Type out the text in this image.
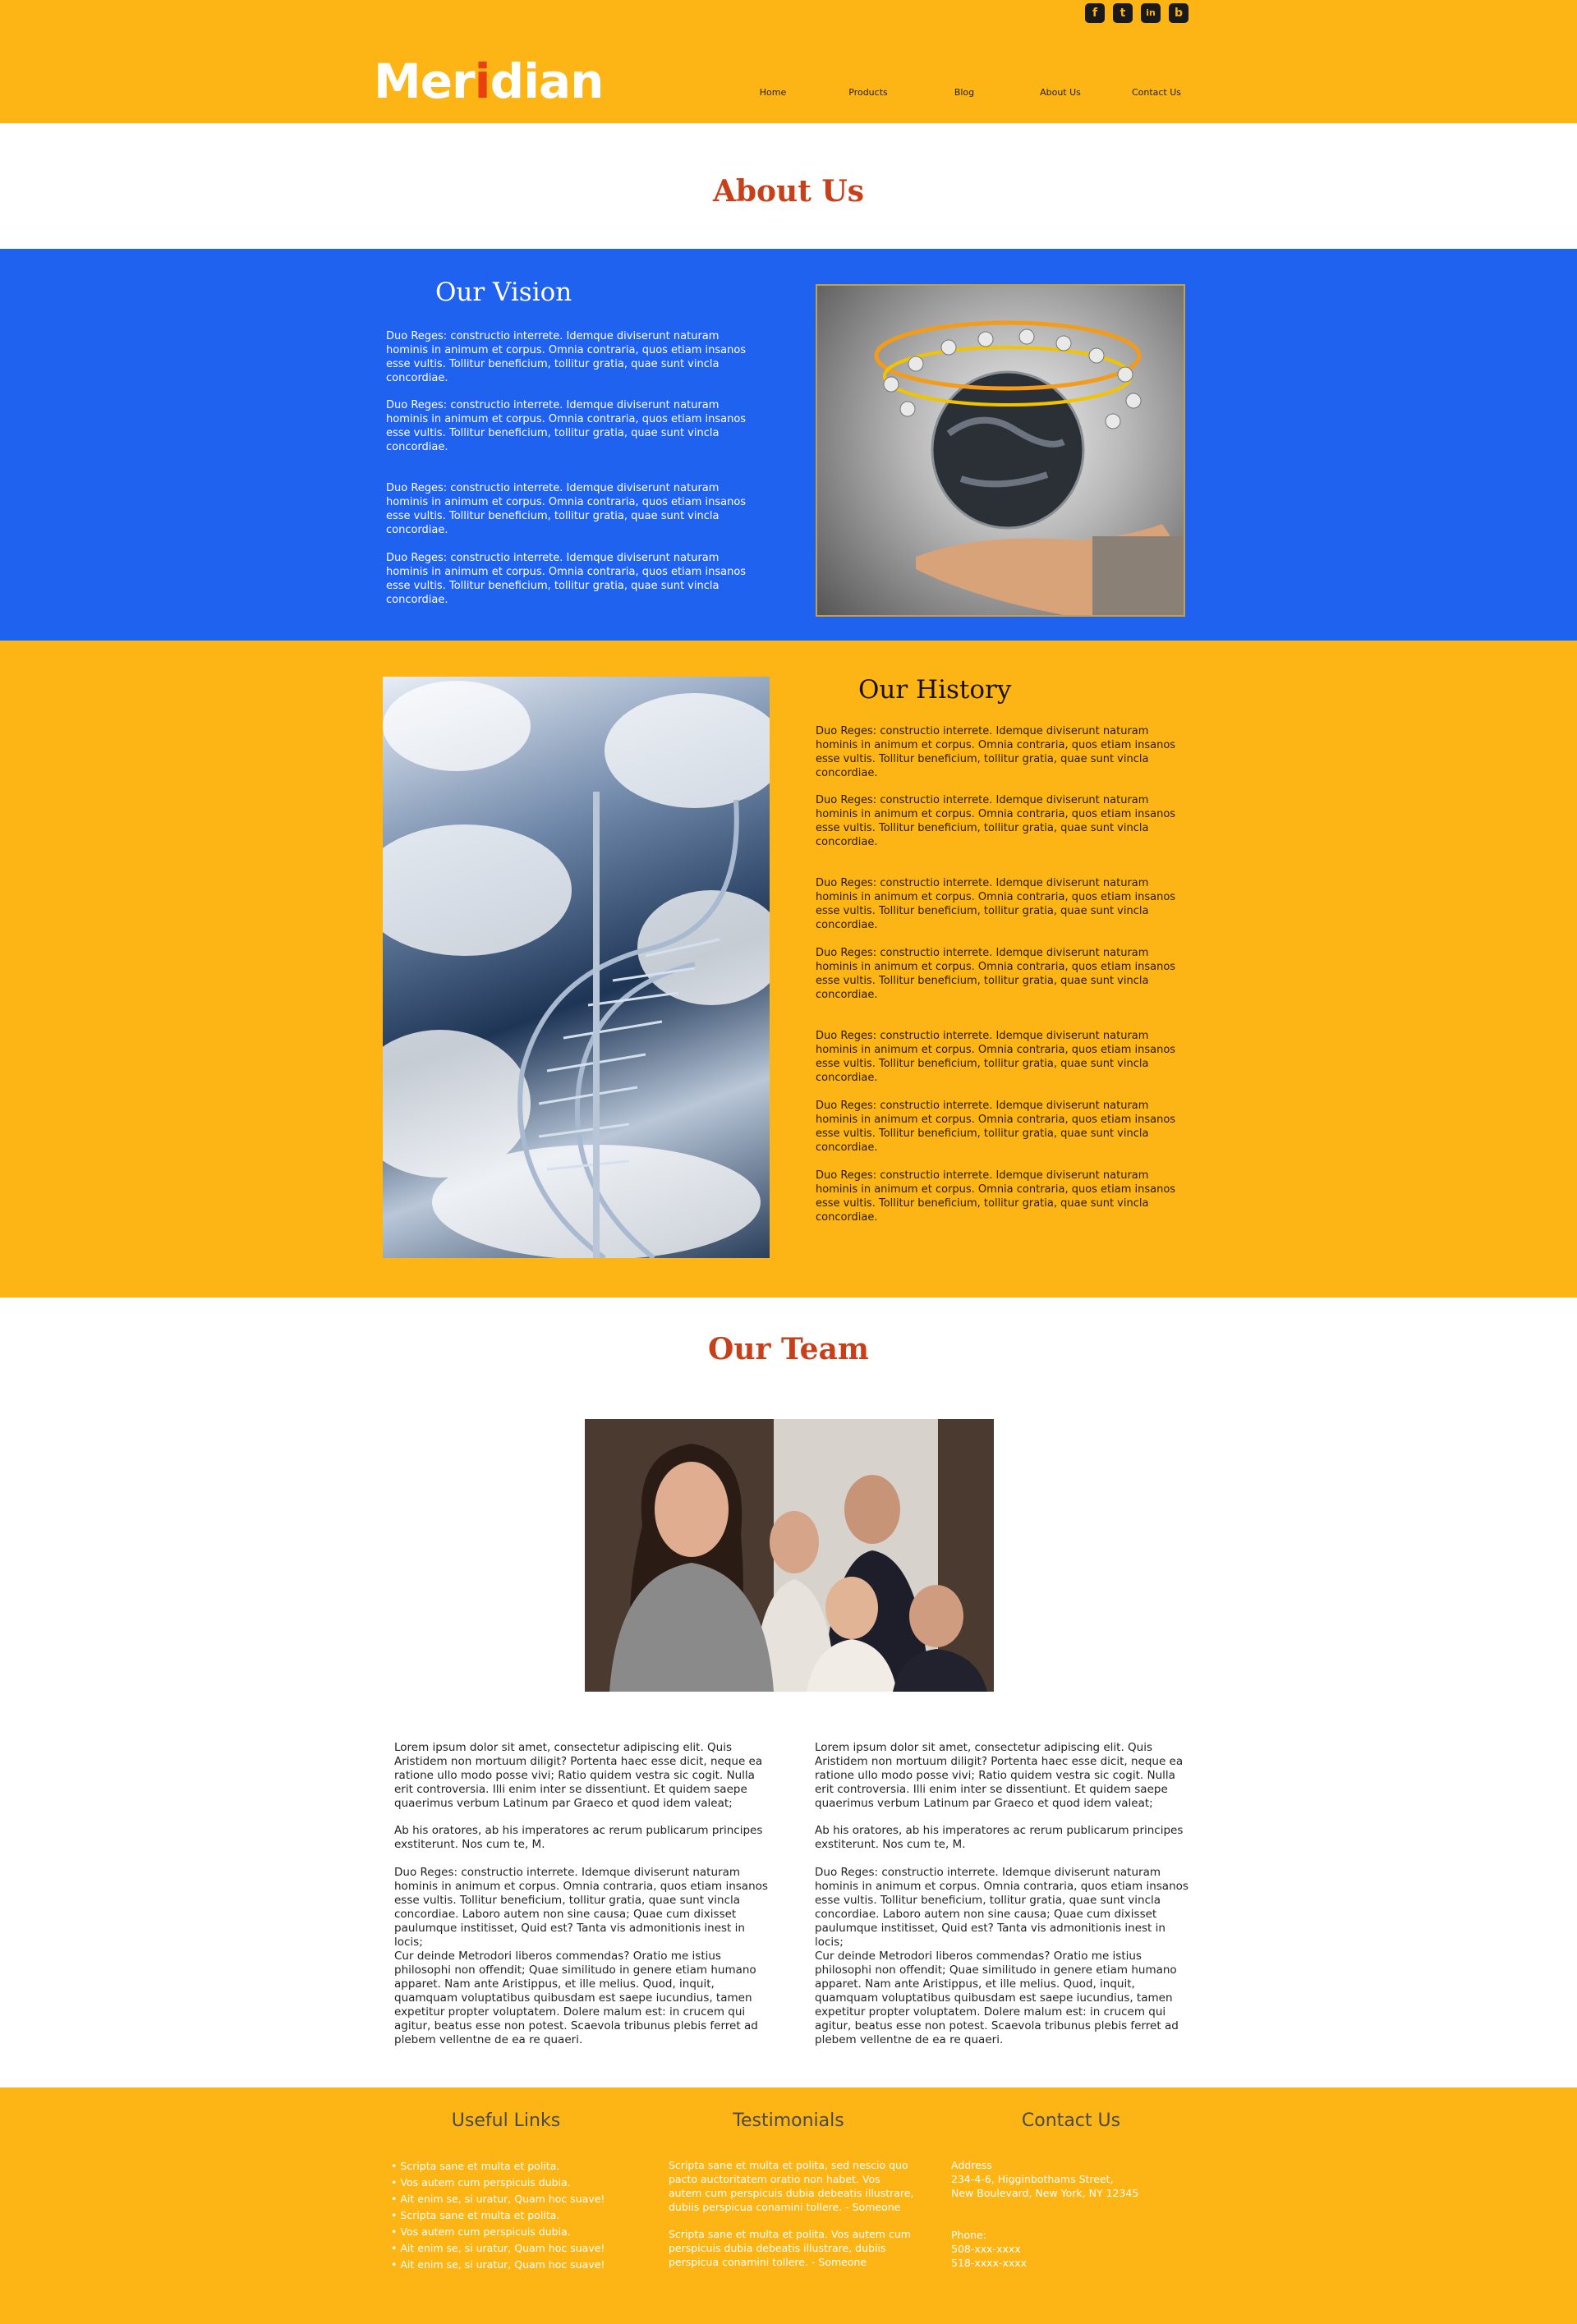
f	t	in	b
Meridian	Home	Products	Blog	About Us	Contact Us
About Us
Our Vision
Duo Reges: constructio interrete. Idemque diviserunt naturam hominis in animum et corpus. Omnia contraria, quos etiam insanos esse vultis. Tollitur beneficium, tollitur gratia, quae sunt vincla concordiae.
Duo Reges: constructio interrete. Idemque diviserunt naturam hominis in animum et corpus. Omnia contraria, quos etiam insanos esse vultis. Tollitur beneficium, tollitur gratia, quae sunt vincla concordiae.
Duo Reges: constructio interrete. Idemque diviserunt naturam hominis in animum et corpus. Omnia contraria, quos etiam insanos esse vultis. Tollitur beneficium, tollitur gratia, quae sunt vincla concordiae.
Duo Reges: constructio interrete. Idemque diviserunt naturam hominis in animum et corpus. Omnia contraria, quos etiam insanos esse vultis. Tollitur beneficium, tollitur gratia, quae sunt vincla concordiae.
Our History
Duo Reges: constructio interrete. Idemque diviserunt naturam hominis in animum et corpus. Omnia contraria, quos etiam insanos esse vultis. Tollitur beneficium, tollitur gratia, quae sunt vincla concordiae.
Duo Reges: constructio interrete. Idemque diviserunt naturam hominis in animum et corpus. Omnia contraria, quos etiam insanos esse vultis. Tollitur beneficium, tollitur gratia, quae sunt vincla concordiae.
Duo Reges: constructio interrete. Idemque diviserunt naturam hominis in animum et corpus. Omnia contraria, quos etiam insanos esse vultis. Tollitur beneficium, tollitur gratia, quae sunt vincla concordiae.
Duo Reges: constructio interrete. Idemque diviserunt naturam hominis in animum et corpus. Omnia contraria, quos etiam insanos esse vultis. Tollitur beneficium, tollitur gratia, quae sunt vincla concordiae.
Duo Reges: constructio interrete. Idemque diviserunt naturam hominis in animum et corpus. Omnia contraria, quos etiam insanos esse vultis. Tollitur beneficium, tollitur gratia, quae sunt vincla concordiae.
Duo Reges: constructio interrete. Idemque diviserunt naturam hominis in animum et corpus. Omnia contraria, quos etiam insanos esse vultis. Tollitur beneficium, tollitur gratia, quae sunt vincla concordiae.
Duo Reges: constructio interrete. Idemque diviserunt naturam hominis in animum et corpus. Omnia contraria, quos etiam insanos esse vultis. Tollitur beneficium, tollitur gratia, quae sunt vincla concordiae.
Our Team
Lorem ipsum dolor sit amet, consectetur adipiscing elit. Quis Aristidem non mortuum diligit? Portenta haec esse dicit, neque ea ratione ullo modo posse vivi; Ratio quidem vestra sic cogit. Nulla erit controversia. Illi enim inter se dissentiunt. Et quidem saepe quaerimus verbum Latinum par Graeco et quod idem valeat;
Ab his oratores, ab his imperatores ac rerum publicarum principes exstiterunt. Nos cum te, M.
Duo Reges: constructio interrete. Idemque diviserunt naturam hominis in animum et corpus. Omnia contraria, quos etiam insanos esse vultis. Tollitur beneficium, tollitur gratia, quae sunt vincla concordiae. Laboro autem non sine causa; Quae cum dixisset paulumque institisset, Quid est? Tanta vis admonitionis inest in locis;
Cur deinde Metrodori liberos commendas? Oratio me istius philosophi non offendit; Quae similitudo in genere etiam humano apparet. Nam ante Aristippus, et ille melius. Quod, inquit, quamquam voluptatibus quibusdam est saepe iucundius, tamen expetitur propter voluptatem. Dolere malum est: in crucem qui agitur, beatus esse non potest. Scaevola tribunus plebis ferret ad plebem vellentne de ea re quaeri.
Lorem ipsum dolor sit amet, consectetur adipiscing elit. Quis Aristidem non mortuum diligit? Portenta haec esse dicit, neque ea ratione ullo modo posse vivi; Ratio quidem vestra sic cogit. Nulla erit controversia. Illi enim inter se dissentiunt. Et quidem saepe quaerimus verbum Latinum par Graeco et quod idem valeat;
Ab his oratores, ab his imperatores ac rerum publicarum principes exstiterunt. Nos cum te, M.
Duo Reges: constructio interrete. Idemque diviserunt naturam hominis in animum et corpus. Omnia contraria, quos etiam insanos esse vultis. Tollitur beneficium, tollitur gratia, quae sunt vincla concordiae. Laboro autem non sine causa; Quae cum dixisset paulumque institisset, Quid est? Tanta vis admonitionis inest in locis;
Cur deinde Metrodori liberos commendas? Oratio me istius philosophi non offendit; Quae similitudo in genere etiam humano apparet. Nam ante Aristippus, et ille melius. Quod, inquit, quamquam voluptatibus quibusdam est saepe iucundius, tamen expetitur propter voluptatem. Dolere malum est: in crucem qui agitur, beatus esse non potest. Scaevola tribunus plebis ferret ad plebem vellentne de ea re quaeri.
Useful Links
• Scripta sane et multa et polita.
• Vos autem cum perspicuis dubia.
• Ait enim se, si uratur, Quam hoc suave!
• Scripta sane et multa et polita.
• Vos autem cum perspicuis dubia.
• Ait enim se, si uratur, Quam hoc suave!
• Ait enim se, si uratur, Quam hoc suave!
Testimonials
Scripta sane et multa et polita, sed nescio quo pacto auctoritatem oratio non habet. Vos autem cum perspicuis dubia debeatis illustrare, dubiis perspicua conamini tollere. - Someone
Scripta sane et multa et polita. Vos autem cum perspicuis dubia debeatis illustrare, dubiis perspicua conamini tollere. - Someone
Contact Us
Address
234-4-6, Higginbothams Street,
New Boulevard, New York, NY 12345
Phone:
508-xxx-xxxx
518-xxxx-xxxx
